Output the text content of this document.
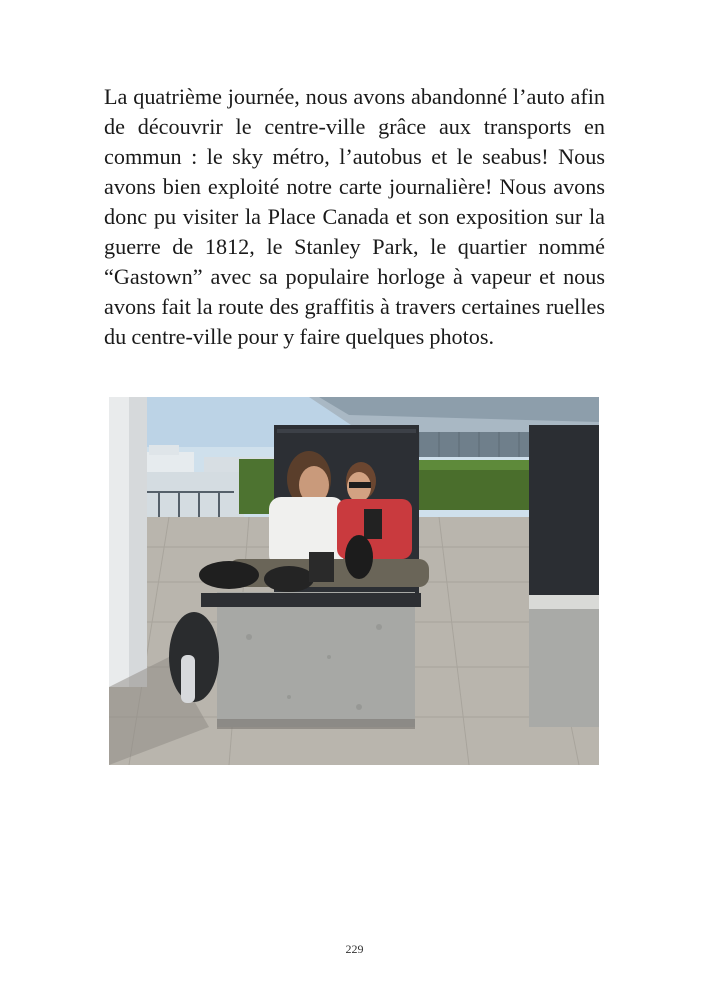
La quatrième journée, nous avons abandonné l’auto afin de découvrir le centre-ville grâce aux transports en commun : le sky métro, l’autobus et le seabus! Nous avons bien exploité notre carte journalière! Nous avons donc pu visiter la Place Canada et son exposition sur la guerre de 1812, le Stanley Park, le quartier nommé “Gastown” avec sa populaire horloge à vapeur et nous avons fait la route des graffitis à travers certaines ruelles du centre-ville pour y faire quelques photos.

229
